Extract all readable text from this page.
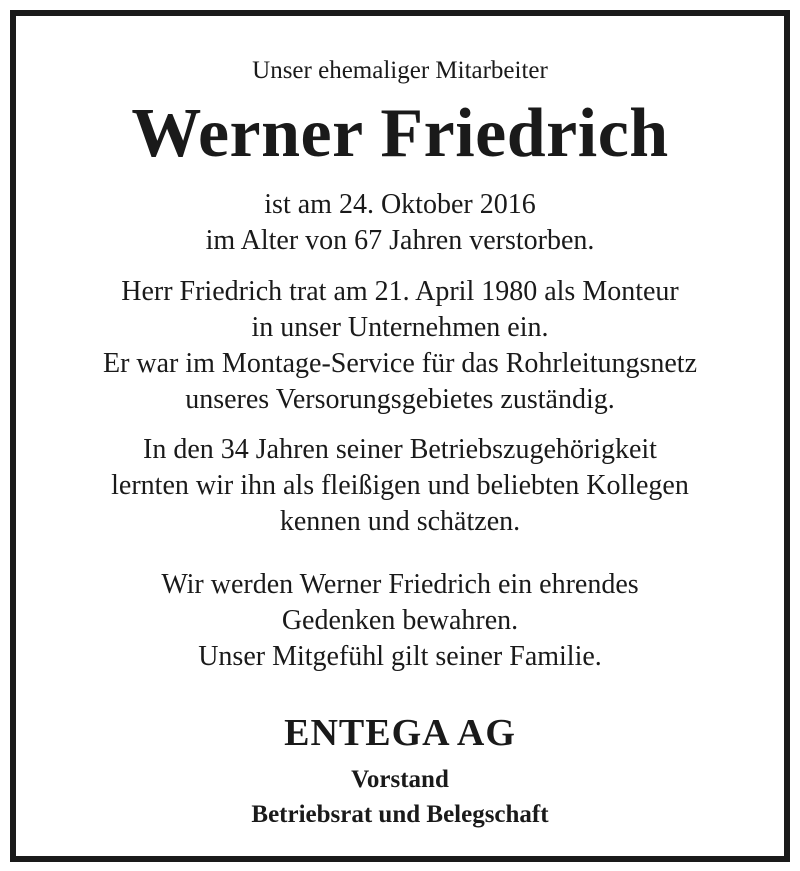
Unser ehemaliger Mitarbeiter
Werner Friedrich
ist am 24. Oktober 2016
im Alter von 67 Jahren verstorben.
Herr Friedrich trat am 21. April 1980 als Monteur
in unser Unternehmen ein.
Er war im Montage-Service für das Rohrleitungsnetz
unseres Versorungsgebietes zuständig.
In den 34 Jahren seiner Betriebszugehörigkeit
lernten wir ihn als fleißigen und beliebten Kollegen
kennen und schätzen.
Wir werden Werner Friedrich ein ehrendes
Gedenken bewahren.
Unser Mitgefühl gilt seiner Familie.
ENTEGA AG
Vorstand
Betriebsrat und Belegschaft
